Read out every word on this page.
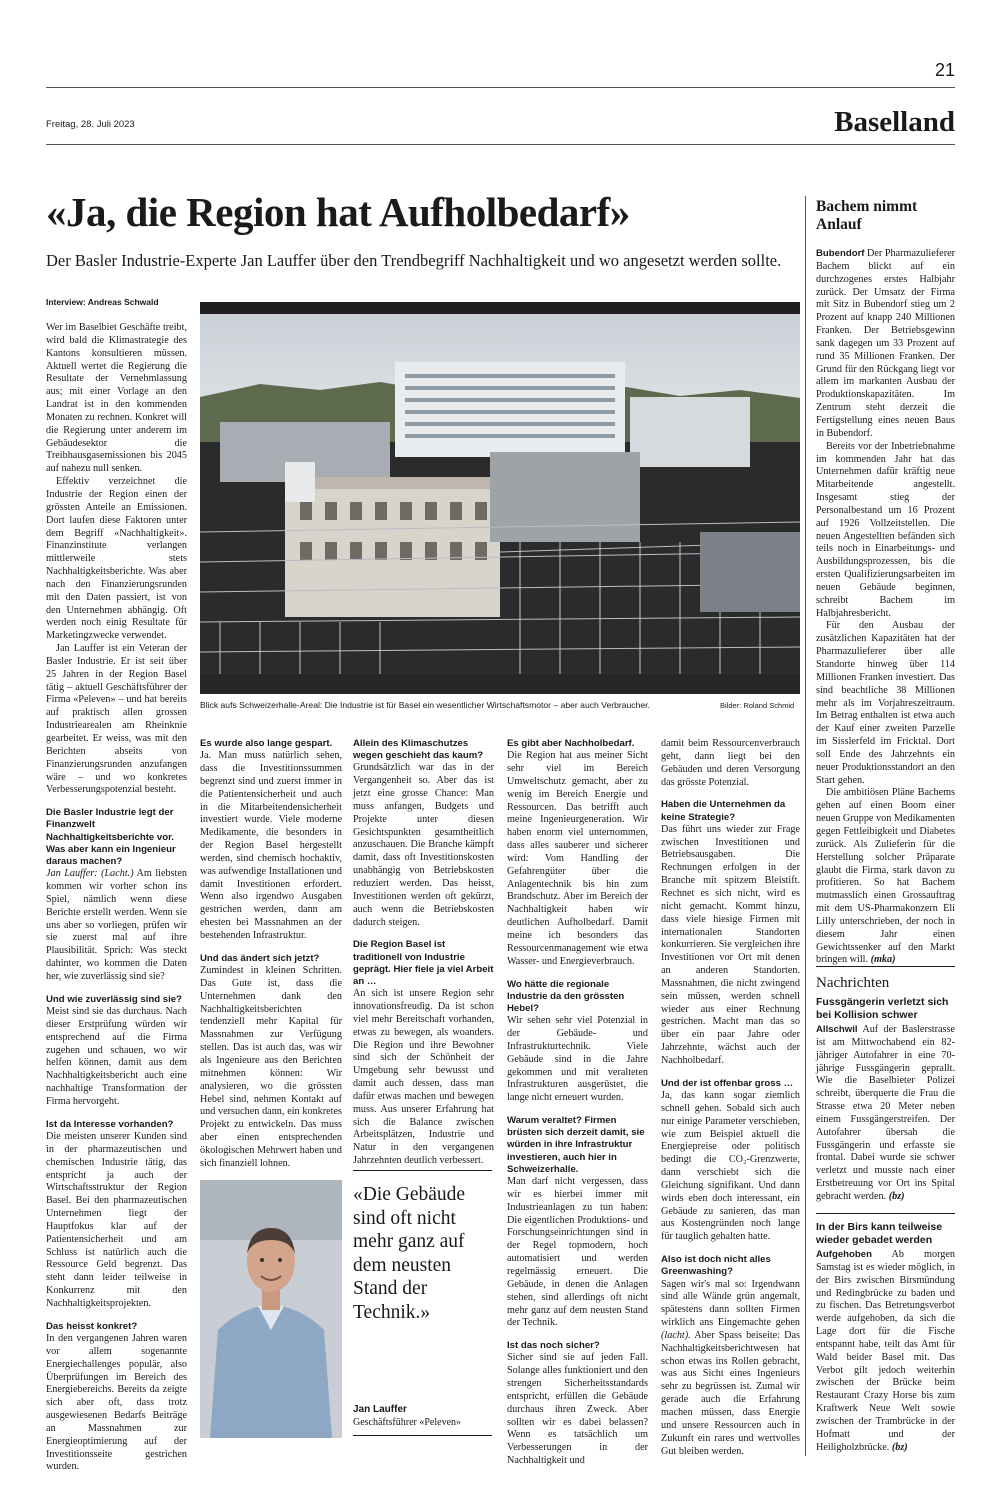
21
Freitag, 28. Juli 2023	Baselland
«Ja, die Region hat Aufholbedarf»
Der Basler Industrie-Experte Jan Lauffer über den Trendbegriff Nachhaltigkeit und wo angesetzt werden sollte.
Interview: Andreas Schwald
Blick aufs Schweizerhalle-Areal: Die Industrie ist für Basel ein wesentlicher Wirtschaftsmotor – aber auch Verbraucher.	Bilder: Roland Schmid

Wer im Baselbiet Geschäfte treibt, wird bald die Klimastrategie des Kantons konsultieren müssen. Aktuell wertet die Regierung die Resultate der Vernehmlassung aus; mit einer Vorlage an den Landrat ist in den kommenden Monaten zu rechnen. Konkret will die Regierung unter anderem im Gebäudesektor die Treibhausgasemissionen bis 2045 auf nahezu null senken.

Effektiv verzeichnet die Industrie der Region einen der grössten Anteile an Emissionen. Dort laufen diese Faktoren unter dem Begriff «Nachhaltigkeit». Finanzinstitute verlangen mittlerweile stets Nachhaltigkeitsberichte. Was aber nach den Finanzierungsrunden mit den Daten passiert, ist von den Unternehmen abhängig. Oft werden noch einig Resultate für Marketingzwecke verwendet.

Jan Lauffer ist ein Veteran der Basler Industrie. Er ist seit über 25 Jahren in der Region Basel tätig – aktuell Geschäftsführer der Firma «Peleven» – und hat bereits auf praktisch allen grossen Industriearealen am Rheinknie gearbeitet. Er weiss, was mit den Berichten abseits von Finanzierungsrunden anzufangen wäre – und wo konkretes Verbesserungspotenzial besteht.

Die Basler Industrie legt der Finanzwelt Nachhaltigkeitsberichte vor. Was aber kann ein Ingenieur daraus machen?

Jan Lauffer: (Lacht.) Am liebsten kommen wir vorher schon ins Spiel, nämlich wenn diese Berichte erstellt werden. Wenn sie uns aber so vorliegen, prüfen wir sie zuerst mal auf ihre Plausibilität. Sprich: Was steckt dahinter, wo kommen die Daten her, wie zuverlässig sind sie?

Und wie zuverlässig sind sie?

Meist sind sie das durchaus. Nach dieser Erstprüfung würden wir entsprechend auf die Firma zugehen und schauen, wo wir helfen können, damit aus dem Nachhaltigkeitsbericht auch eine nachhaltige Transformation der Firma hervorgeht.

Ist da Interesse vorhanden?

Die meisten unserer Kunden sind in der pharmazeutischen und chemischen Industrie tätig, das entspricht ja auch der Wirtschaftsstruktur der Region Basel. Bei den pharmazeutischen Unternehmen liegt der Hauptfokus klar auf der Patientensicherheit und am Schluss ist natürlich auch die Ressource Geld begrenzt. Das steht dann leider teilweise in Konkurrenz mit den Nachhaltigkeitsprojekten.

Das heisst konkret?

In den vergangenen Jahren waren vor allem sogenannte Energiechallenges populär, also Überprüfungen im Bereich des Energiebereichs. Bereits da zeigte sich aber oft, dass trotz ausgewiesenen Bedarfs Beiträge an Massnahmen zur Energieoptimierung auf der Investitionsseite gestrichen wurden.

Es wurde also lange gespart.

Ja. Man muss natürlich sehen, dass die Investitionssummen begrenzt sind und zuerst immer in die Patientensicherheit und auch in die Mitarbeitendensicherheit investiert wurde. Viele moderne Medikamente, die besonders in der Region Basel hergestellt werden, sind chemisch hochaktiv, was aufwendige Installationen und damit Investitionen erfordert. Wenn also irgendwo Ausgaben gestrichen werden, dann am ehesten bei Massnahmen an der bestehenden Infrastruktur.

Und das ändert sich jetzt?

Zumindest in kleinen Schritten. Das Gute ist, dass die Unternehmen dank den Nachhaltigkeitsberichten tendenziell mehr Kapital für Massnahmen zur Verfügung stellen. Das ist auch das, was wir als Ingenieure aus den Berichten mitnehmen können: Wir analysieren, wo die grössten Hebel sind, nehmen Kontakt auf und versuchen dann, ein konkretes Projekt zu entwickeln. Das muss aber einen entsprechenden ökologischen Mehrwert haben und sich finanziell lohnen.

Allein des Klimaschutzes wegen geschieht das kaum?

Grundsätzlich war das in der Vergangenheit so. Aber das ist jetzt eine grosse Chance: Man muss anfangen, Budgets und Projekte unter diesen Gesichtspunkten gesamtheitlich anzuschauen. Die Branche kämpft damit, dass oft Investitionskosten unabhängig von Betriebskosten reduziert werden. Das heisst, Investitionen werden oft gekürzt, auch wenn die Betriebskosten dadurch steigen.

Die Region Basel ist traditionell von Industrie geprägt. Hier fiele ja viel Arbeit an …

An sich ist unsere Region sehr innovationsfreudig. Da ist schon viel mehr Bereitschaft vorhanden, etwas zu bewegen, als woanders. Die Region und ihre Bewohner sind sich der Schönheit der Umgebung sehr bewusst und damit auch dessen, dass man dafür etwas machen und bewegen muss. Aus unserer Erfahrung hat sich die Balance zwischen Arbeitsplätzen, Industrie und Natur in den vergangenen Jahrzehnten deutlich verbessert.

«Die Gebäude sind oft nicht mehr ganz auf dem neusten Stand der Technik.»
Jan Lauffer
Geschäftsführer «Peleven»

Es gibt aber Nachholbedarf.

Die Region hat aus meiner Sicht sehr viel im Bereich Umweltschutz gemacht, aber zu wenig im Bereich Energie und Ressourcen. Das betrifft auch meine Ingenieurgeneration. Wir haben enorm viel unternommen, dass alles sauberer und sicherer wird: Vom Handling der Gefahrengüter über die Anlagentechnik bis hin zum Brandschutz. Aber im Bereich der Nachhaltigkeit haben wir deutlichen Aufholbedarf. Damit meine ich besonders das Ressourcenmanagement wie etwa Wasser- und Energieverbrauch.

Wo hätte die regionale Industrie da den grössten Hebel?

Wir sehen sehr viel Potenzial in der Gebäude- und Infrastrukturtechnik. Viele Gebäude sind in die Jahre gekommen und mit veralteten Infrastrukturen ausgerüstet, die lange nicht erneuert wurden.

Warum veraltet? Firmen brüsten sich derzeit damit, sie würden in ihre Infrastruktur investieren, auch hier in Schweizerhalle.

Man darf nicht vergessen, dass wir es hierbei immer mit Industrieanlagen zu tun haben: Die eigentlichen Produktions- und Forschungseinrichtungen sind in der Regel topmodern, hoch automatisiert und werden regelmässig erneuert. Die Gebäude, in denen die Anlagen stehen, sind allerdings oft nicht mehr ganz auf dem neusten Stand der Technik.

Ist das noch sicher?

Sicher sind sie auf jeden Fall. Solange alles funktioniert und den strengen Sicherheitsstandards entspricht, erfüllen die Gebäude durchaus ihren Zweck. Aber sollten wir es dabei belassen? Wenn es tatsächlich um Verbesserungen in der Nachhaltigkeit und

damit beim Ressourcenverbrauch geht, dann liegt bei den Gebäuden und deren Versorgung das grösste Potenzial.

Haben die Unternehmen da keine Strategie?

Das führt uns wieder zur Frage zwischen Investitionen und Betriebsausgaben. Die Rechnungen erfolgen in der Branche mit spitzem Bleistift. Rechnet es sich nicht, wird es nicht gemacht. Kommt hinzu, dass viele hiesige Firmen mit internationalen Standorten konkurrieren. Sie vergleichen ihre Investitionen vor Ort mit denen an anderen Standorten. Massnahmen, die nicht zwingend sein müssen, werden schnell wieder aus einer Rechnung gestrichen. Macht man das so über ein paar Jahre oder Jahrzehnte, wächst auch der Nachholbedarf.

Und der ist offenbar gross …

Ja, das kann sogar ziemlich schnell gehen. Sobald sich auch nur einige Parameter verschieben, wie zum Beispiel aktuell die Energiepreise oder politisch bedingt die CO₂-Grenzwerte, dann verschiebt sich die Gleichung signifikant. Und dann wirds eben doch interessant, ein Gebäude zu sanieren, das man aus Kostengründen noch lange für tauglich gehalten hatte.

Also ist doch nicht alles Greenwashing?

Sagen wir's mal so: Irgendwann sind alle Wände grün angemalt, spätestens dann sollten Firmen wirklich ans Eingemachte gehen (lacht). Aber Spass beiseite: Das Nachhaltigkeitsberichtwesen hat schon etwas ins Rollen gebracht, was aus Sicht eines Ingenieurs sehr zu begrüssen ist. Zumal wir gerade auch die Erfahrung machen müssen, dass Energie und unsere Ressourcen auch in Zukunft ein rares und wertvolles Gut bleiben werden.

Bachem nimmt Anlauf

Bubendorf Der Pharmazulieferer Bachem blickt auf ein durchzogenes erstes Halbjahr zurück. Der Umsatz der Firma mit Sitz in Bubendorf stieg um 2 Prozent auf knapp 240 Millionen Franken. Der Betriebsgewinn sank dagegen um 33 Prozent auf rund 35 Millionen Franken. Der Grund für den Rückgang liegt vor allem im markanten Ausbau der Produktionskapazitäten. Im Zentrum steht derzeit die Fertigstellung eines neuen Baus in Bubendorf.

Bereits vor der Inbetriebnahme im kommenden Jahr hat das Unternehmen dafür kräftig neue Mitarbeitende angestellt. Insgesamt stieg der Personalbestand um 16 Prozent auf 1926 Vollzeitstellen. Die neuen Angestellten befänden sich teils noch in Einarbeitungs- und Ausbildungsprozessen, bis die ersten Qualifizierungsarbeiten im neuen Gebäude beginnen, schreibt Bachem im Halbjahresbericht.

Für den Ausbau der zusätzlichen Kapazitäten hat der Pharmazulieferer über alle Standorte hinweg über 114 Millionen Franken investiert. Das sind beachtliche 38 Millionen mehr als im Vorjahreszeitraum. Im Betrag enthalten ist etwa auch der Kauf einer zweiten Parzelle im Sisslerfeld im Fricktal. Dort soll Ende des Jahrzehnts ein neuer Produktionsstandort an den Start gehen.

Die ambitiösen Pläne Bachems gehen auf einen Boom einer neuen Gruppe von Medikamenten gegen Fettleibigkeit und Diabetes zurück. Als Zulieferin für die Herstellung solcher Präparate glaubt die Firma, stark davon zu profitieren. So hat Bachem mutmasslich einen Grossauftrag mit dem US-Pharmakonzern Eli Lilly unterschrieben, der noch in diesem Jahr einen Gewichtssenker auf den Markt bringen will. (mka)

Nachrichten
Fussgängerin verletzt sich bei Kollision schwer

Allschwil Auf der Baslerstrasse ist am Mittwochabend ein 82-jähriger Autofahrer in eine 70-jährige Fussgängerin geprallt. Wie die Baselbieter Polizei schreibt, überquerte die Frau die Strasse etwa 20 Meter neben einem Fussgängerstreifen. Der Autofahrer übersah die Fussgängerin und erfasste sie frontal. Dabei wurde sie schwer verletzt und musste nach einer Erstbetreuung vor Ort ins Spital gebracht werden. (bz)

In der Birs kann teilweise wieder gebadet werden

Aufgehoben Ab morgen Samstag ist es wieder möglich, in der Birs zwischen Birsmündung und Redingbrücke zu baden und zu fischen. Das Betretungsverbot werde aufgehoben, da sich die Lage dort für die Fische entspannt habe, teilt das Amt für Wald beider Basel mit. Das Verbot gilt jedoch weiterhin zwischen der Brücke beim Restaurant Crazy Horse bis zum Kraftwerk Neue Welt sowie zwischen der Trambrücke in der Hofmatt und der Heiligholzbrücke. (bz)
